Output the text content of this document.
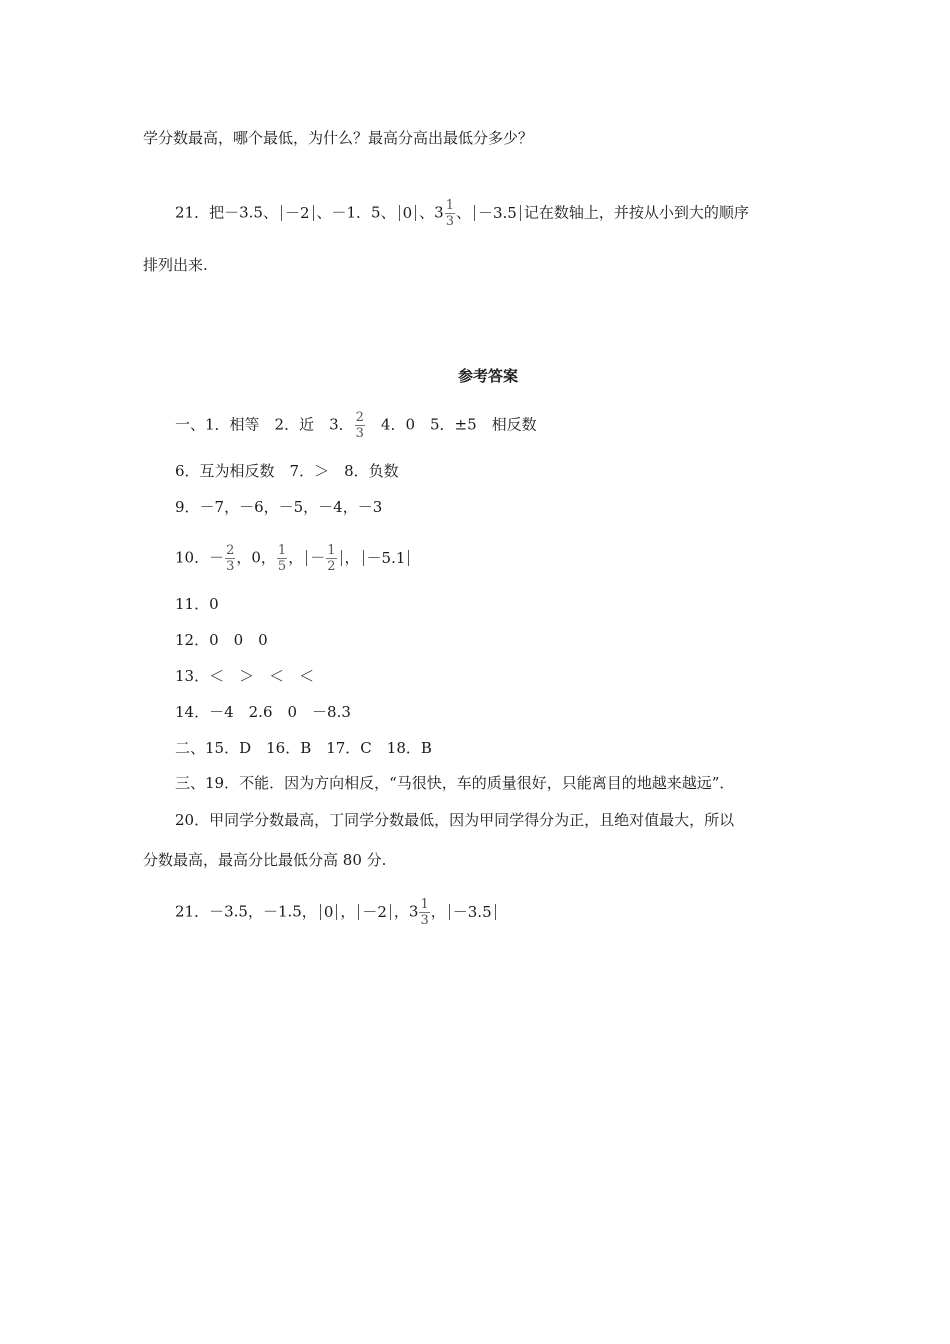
学分数最高，哪个最低，为什么？最高分高出最低分多少？
21．把－3.5、 －2 、－1．5、 0 、$3 \frac{1}{3}$ 、 －3.5 记在数轴上，并按从小到大的顺序
排列出来.
参考答案
一、1．相等　2．近　3． $\frac{2}{3}$ 　4．0　5．±5　相反数
6．互为相反数　7．＞　8．负数
9．－7，－6，－5，－4，－3
10．－ $\frac{2}{3}$ ，0， $\frac{1}{5}$ ， － $\frac{1}{2}$ ， －5.1
11．0
12．0　0　0
13．＜　＞　＜　＜
14．－4　2.6　0　－8.3
二、15．D　16．B　17．C　18．B
三、19．不能．因为方向相反，“马很快，车的质量很好，只能离目的地越来越远”．
20．甲同学分数最高，丁同学分数最低，因为甲同学得分为正，且绝对值最大，所以
分数最高，最高分比最低分高 80 分.
21．－3.5，－1.5， 0 ， －2 ，$3 \frac{1}{3}$ ， －3.5
